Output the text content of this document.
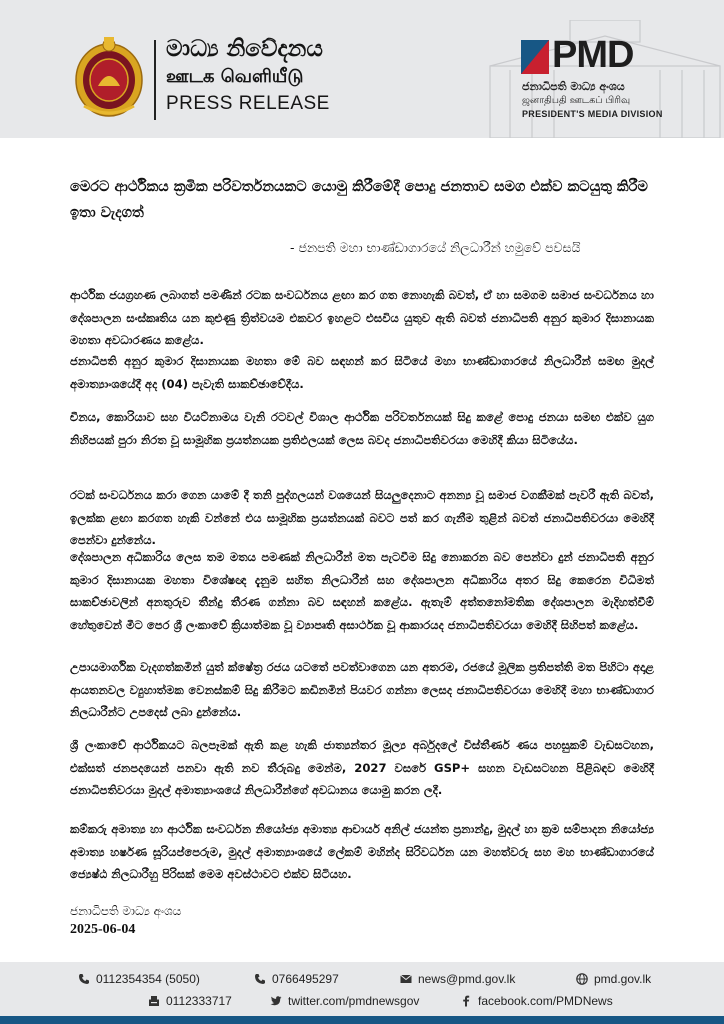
මාධ්‍ය නිවේදනය
ஊடக வெளியீடு
PRESS RELEASE
PMD
ජනාධිපති මාධ්‍ය අංශය
ஜனாதிபதி ஊடகப் பிரிவு
PRESIDENT'S MEDIA DIVISION
මෙරට ආර්ථිකය ක්‍රමික පරිවර්තනයකට යොමු කිරීමේදී පොදු ජනතාව සමග එක්ව කටයුතු කිරීම ඉතා වැදගත්
- ජනපති මහා භාණ්ඩාගාරයේ නිලධාරීන් හමුවේ පවසයි

ආර්ථික ජයග්‍රහණ ලබාගත් පමණින් රටක සංවර්ධනය ළඟා කර ගත නොහැකි බවත්, ඒ හා සමගම සමාජ සංවර්ධනය හා දේශපාලන සංස්කෘතිය යන කුළුණු ත්‍රිත්වයම එකවර ඉහළට එසවිය යුතුව ඇති බවත් ජනාධිපති අනුර කුමාර දිසානායක මහතා අවධාරණය කළේය.

ජනාධිපති අනුර කුමාර දිසානායක මහතා මේ බව සඳහන් කර සිටියේ මහා භාණ්ඩාගාරයේ නිලධාරීන් සමඟ මුදල් අමාත්‍යාංශයේදී අද (04) පැවැති සාකච්ඡාවේදීය.

චීනය, කොරියාව සහ වියට්නාමය වැනි රටවල් විශාල ආර්ථික පරිවර්තනයක් සිදු කළේ පොදු ජනයා සමඟ එක්ව යුග නිහිපයක් පුරා නිරත වූ සාමූහික ප්‍රයත්නයක ප්‍රතිඵලයක් ලෙස බවද ජනාධිපතිවරයා මෙහිදී කියා සිටියේය.

රටක් සංවර්ධනය කරා ගෙන යාමේ දී තනි පුද්ගලයන් වශයෙන් සියලුදෙනාට අනන්‍ය වූ සමාජ වගකීමක් පැවරී ඇති බවත්, ඉලක්ක ළඟා කරගත හැකි වන්නේ එය සාමූහික ප්‍රයත්නයක් බවට පත් කර ගැනීම තුළින් බවත් ජනාධිපතිවරයා මෙහිදී පෙන්වා දුන්නේය.

දේශපාලන අධිකාරිය ලෙස තම මතය පමණක් නිලධාරීන් මත පැටවීම සිදු නොකරන බව පෙන්වා දුන් ජනාධිපති අනුර කුමාර දිසානායක මහතා විශේෂඥ දැනුම සහිත නිලධාරීන් සහ දේශපාලන අධිකාරිය අතර සිදු කෙරෙන විධිමත් සාකච්ඡාවලින් අනතුරුව තීන්දු තීරණ ගන්නා බව සඳහන් කළේය. ඇතැම් අත්තනෝමතික දේශපාලන මැදිහත්වීම් හේතුවෙන් මීට පෙර ශ්‍රී ලංකාවේ ක්‍රියාත්මක වූ ව්‍යාපෘති අසාර්ථක වූ ආකාරයද ජනාධිපතිවරයා මෙහිදී සිහිපත් කළේය.

උපායමාර්ගික වැදගත්කමින් යුත් ක්ෂේත්‍ර රජය යටතේ පවත්වාගෙන යන අතරම, රජයේ මූලික ප්‍රතිපත්ති මත පිහිටා අදාළ ආයතනවල ව්‍යුහාත්මක වෙනස්කම් සිදු කිරීමට කඩිනමින් පියවර ගන්නා ලෙසද ජනාධිපතිවරයා මෙහිදී මහා භාණ්ඩාගාර නිලධාරීන්ට උපදෙස් ලබා දුන්නේය.

ශ්‍රී ලංකාවේ ආර්ථිකයට බලපෑමක් ඇති කළ හැකි ජාත්‍යන්තර මූල්‍ය අර්බුදලේ විස්තීර්ණ ණය පහසුකම් වැඩසටහන, එක්සත් ජනපදයෙන් පනවා ඇති නව තීරුබදු මෙන්ම, 2027 වසරේ GSP+ සහන වැඩසටහන පිළිබඳව මෙහිදී ජනාධිපතිවරයා මුදල් අමාත්‍යාංශයේ නිලධාරීන්ගේ අවධානය යොමු කරන ලදී.

කම්කරු අමාත්‍ය හා ආර්ථික සංවර්ධන නියෝජ්‍ය අමාත්‍ය ආචාර්ය අනිල් ජයන්ත ප්‍රනාන්දු, මුදල් හා ක්‍රම සම්පාදන නියෝජ්‍ය අමාත්‍ය හර්ෂණ සූරියප්පෙරුම, මුදල් අමාත්‍යාංශයේ ලේකම් මහින්ද සිරිවර්ධන යන මහත්වරු සහ මහ භාණ්ඩාගාරයේ ජ්‍යෙෂ්ඨ නිලධාරීහු පිරිසක් මෙම අවස්ථාවට එක්ව සිටියහ.

ජනාධිපති මාධ්‍ය අංශය
2025-06-04
0112354354 (5050)	0766495297	news@pmd.gov.lk	pmd.gov.lk
0112333717	twitter.com/pmdnewsgov	facebook.com/PMDNews
